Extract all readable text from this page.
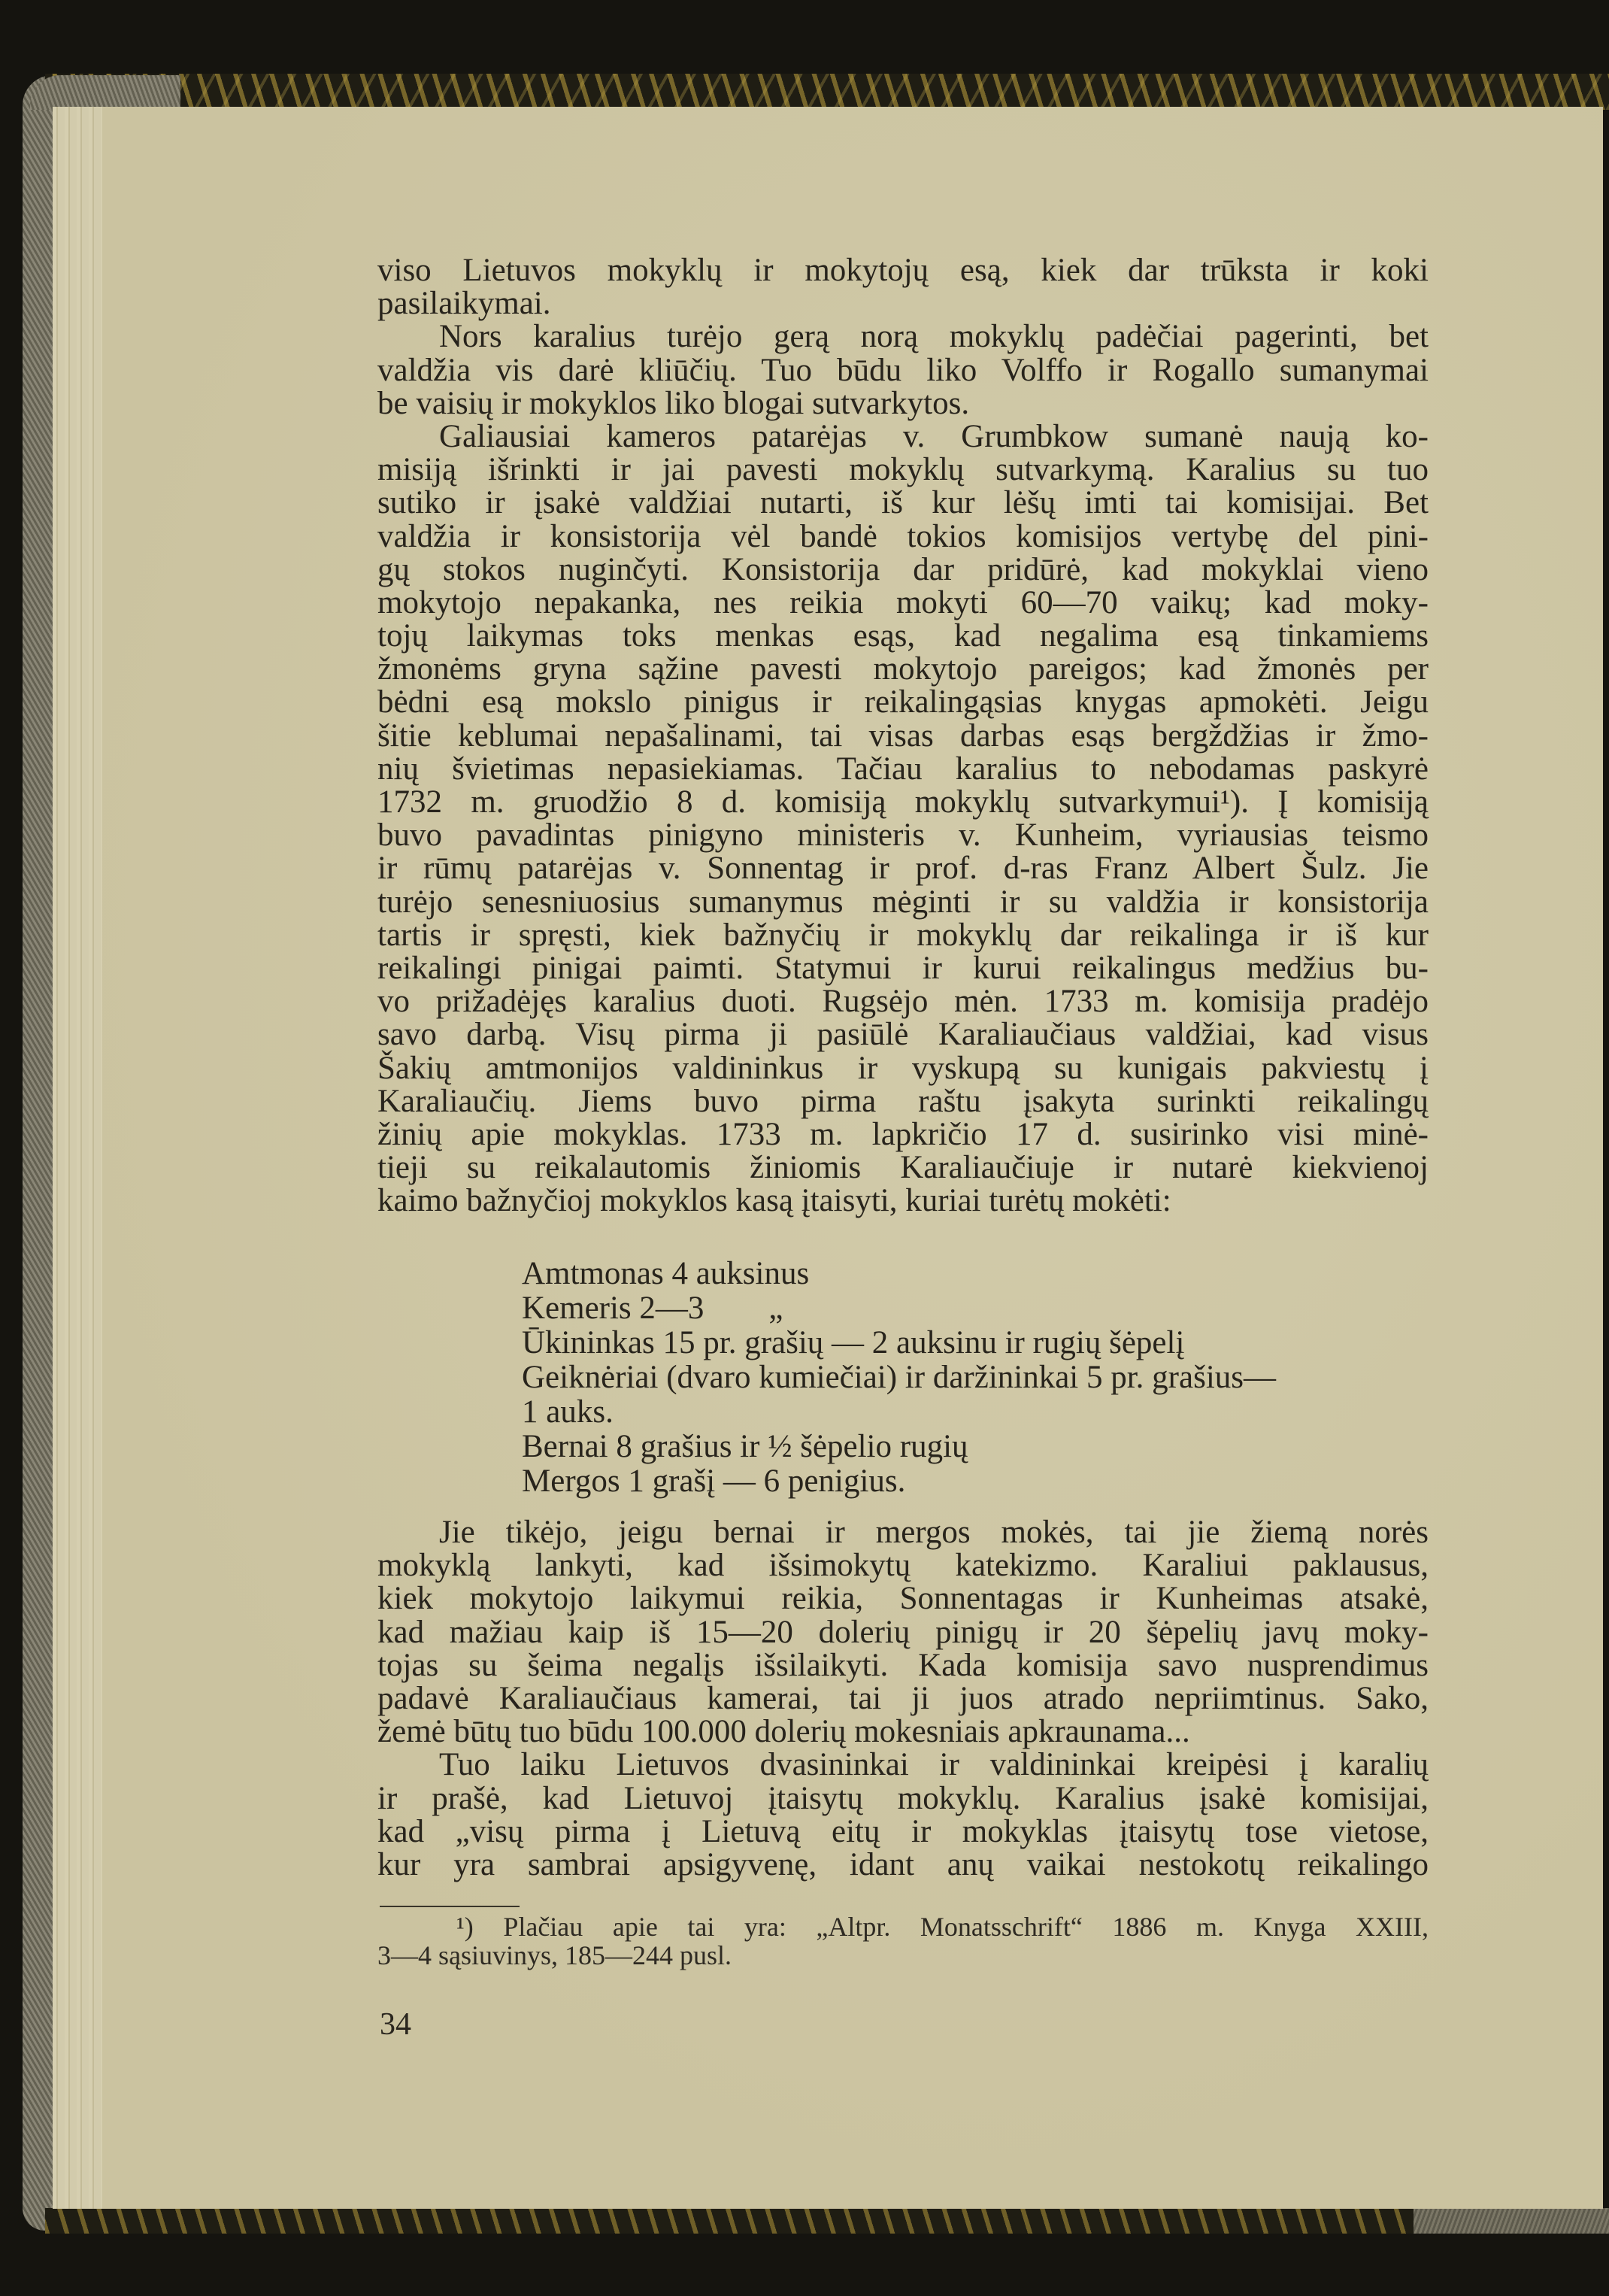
viso Lietuvos mokyklų ir mokytojų esą, kiek dar trūksta ir koki
pasilaikymai.
Nors karalius turėjo gerą norą mokyklų padėčiai pagerinti, bet
valdžia vis darė kliūčių. Tuo būdu liko Volffo ir Rogallo sumanymai
be vaisių ir mokyklos liko blogai sutvarkytos.
Galiausiai kameros patarėjas v. Grumbkow sumanė naują ko-
misiją išrinkti ir jai pavesti mokyklų sutvarkymą. Karalius su tuo
sutiko ir įsakė valdžiai nutarti, iš kur lėšų imti tai komisijai. Bet
valdžia ir konsistorija vėl bandė tokios komisijos vertybę del pini-
gų stokos nuginčyti. Konsistorija dar pridūrė, kad mokyklai vieno
mokytojo nepakanka, nes reikia mokyti 60—70 vaikų; kad moky-
tojų laikymas toks menkas esąs, kad negalima esą tinkamiems
žmonėms gryna sąžine pavesti mokytojo pareigos; kad žmonės per
bėdni esą mokslo pinigus ir reikalingąsias knygas apmokėti. Jeigu
šitie keblumai nepašalinami, tai visas darbas esąs bergždžias ir žmo-
nių švietimas nepasiekiamas. Tačiau karalius to nebodamas paskyrė
1732 m. gruodžio 8 d. komisiją mokyklų sutvarkymui¹). Į komisiją
buvo pavadintas pinigyno ministeris v. Kunheim, vyriausias teismo
ir rūmų patarėjas v. Sonnentag ir prof. d-ras Franz Albert Šulz. Jie
turėjo senesniuosius sumanymus mėginti ir su valdžia ir konsistorija
tartis ir spręsti, kiek bažnyčių ir mokyklų dar reikalinga ir iš kur
reikalingi pinigai paimti. Statymui ir kurui reikalingus medžius bu-
vo prižadėjęs karalius duoti. Rugsėjo mėn. 1733 m. komisija pradėjo
savo darbą. Visų pirma ji pasiūlė Karaliaučiaus valdžiai, kad visus
Šakių amtmonijos valdininkus ir vyskupą su kunigais pakviestų į
Karaliaučių. Jiems buvo pirma raštu įsakyta surinkti reikalingų
žinių apie mokyklas. 1733 m. lapkričio 17 d. susirinko visi minė-
tieji su reikalautomis žiniomis Karaliaučiuje ir nutarė kiekvienoj
kaimo bažnyčioj mokyklos kasą įtaisyti, kuriai turėtų mokėti:
Amtmonas 4 auksinus
Kemeris 2—3        „
Ūkininkas 15 pr. grašių — 2 auksinu ir rugių šėpelį
Geiknėriai (dvaro kumiečiai) ir daržininkai 5 pr. grašius—
1 auks.
Bernai 8 grašius ir ½ šėpelio rugių
Mergos 1 grašį — 6 penigius.
Jie tikėjo, jeigu bernai ir mergos mokės, tai jie žiemą norės
mokyklą lankyti, kad išsimokytų katekizmo. Karaliui paklausus,
kiek mokytojo laikymui reikia, Sonnentagas ir Kunheimas atsakė,
kad mažiau kaip iš 15—20 dolerių pinigų ir 20 šėpelių javų moky-
tojas su šeima negalįs išsilaikyti. Kada komisija savo nusprendimus
padavė Karaliaučiaus kamerai, tai ji juos atrado nepriimtinus. Sako,
žemė būtų tuo būdu 100.000 dolerių mokesniais apkraunama...
Tuo laiku Lietuvos dvasininkai ir valdininkai kreipėsi į karalių
ir prašė, kad Lietuvoj įtaisytų mokyklų. Karalius įsakė komisijai,
kad „visų pirma į Lietuvą eitų ir mokyklas įtaisytų tose vietose,
kur yra sambrai apsigyvenę, idant anų vaikai nestokotų reikalingo
¹) Plačiau apie tai yra: „Altpr. Monatsschrift“ 1886 m. Knyga XXIII,
3—4 sąsiuvinys, 185—244 pusl.
34
